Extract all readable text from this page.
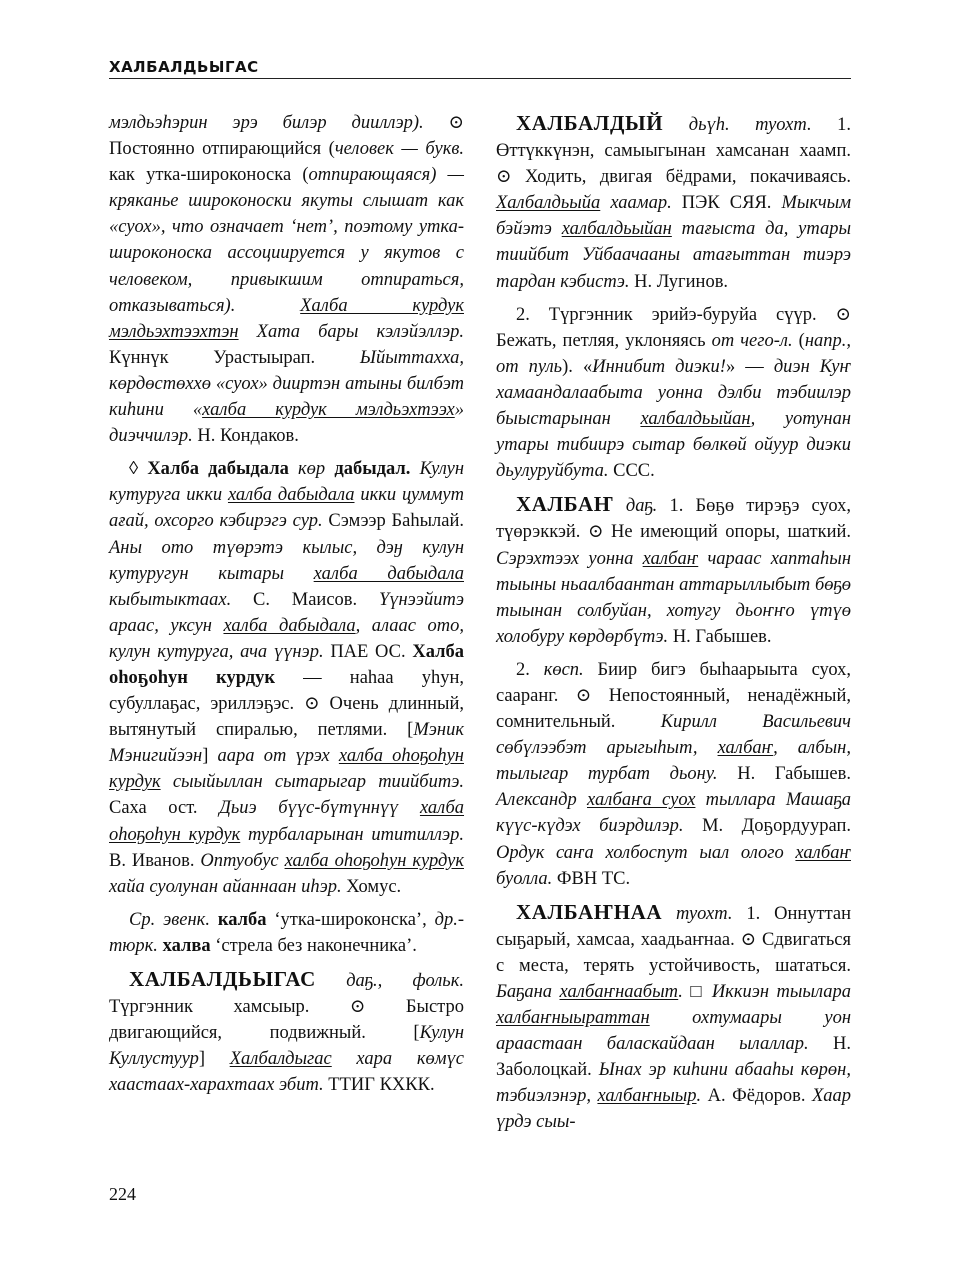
ХАЛБАЛДЬЫГАС

мэлдьэһэрин эрэ билэр дииллэр). ⊙ Постоянно отпирающийся (человек — букв. как утка-широконоска (отпирающаяся) — кряканье широконоски якуты слышат как «суох», что означает ‘нет’, поэтому утка-широконоска ассоциируется у якутов с человеком, привыкшим отпираться, отказываться).	Халба курдук мэлдьэхтээхтэн Хата бары кэлэйэллэр. Күннүк Урастыырап. Ыйыттахха, көрдөстөххө «суох» дииртэн атыны билбэт киһини «халба курдук мэлдьэхтээх» диэччилэр. Н. Кондаков.

◊ Халба дабыдала көр дабыдал. Кулун кутуруга икки халба дабыдала икки цуммут ағай, охсорго кэбирэгэ сур. Сэмээр Баһылай. Аны ото түөрэтэ кылыс, дэӈ кулун кутуругун кытары халба дабыдала кыбытыктаах. С. Маисов. Үүнээйитэ араас, уксун халба дабыдала, алаас ото, кулун кутуруга, ача үүнэр. ПАЕ ОС. Халба оһоҕоһун курдук — наһаа уһун, субуллаҕас, эриллэҕэс. ⊙ Очень длинный, вытянутый спиралью, петлями. [Мэник Мэнигийээн] аара от үрэх халба оһоҕоһун курдук сыыйыллан сытарыгар тиийбитэ. Саха ост. Дьиэ бүүс-бүтүннүү халба оһоҕоһун курдук турбаларынан ититиллэр. В. Иванов. Оптуобус халба оһоҕоһун курдук хайа суолунан айаннаан иһэр. Хомус.

Ср. эвенк. калба ‘утка-широконска’, др.-тюрк. халва ‘стрела без наконечника’.

ХАЛБАЛДЬЫГАС даҕ., фольк. Түргэнник хамсыыр. ⊙ Быстро двигающийся, подвижный. [Кулун Куллустуур] Халбалдыгас хара көмүс хаастаах-харахтаах эбит. ТТИГ КХКК.

ХАЛБАЛДЫЙ дьүһ. туохт. 1. Өттүккүнэн, самыыгынан хамсанан хаамп. ⊙ Ходить, двигая бёдрами, покачиваясь. Халбалдьыйа хаамар. ПЭК СЯЯ. Мыкчым бэйэтэ халбалдьыйан тағыста да, утары тиийбит Уйбаачааны атағыттан тиэрэ тардан кэбистэ. Н. Лугинов.

2. Түргэнник эрийэ-буруйа сүүр. ⊙ Бежать, петляя, уклоняясь от чего-л. (напр., от пуль). «Иннибит диэки!» — диэн Куҥ хамаандалаабыта уонна дэлби тэбиилэр быыстарынан халбалдьыйан, уотунан утары тибиирэ сытар бөлкөй ойуур диэки дьулуруйбута. ССС.

ХАЛБАҤ даҕ. 1. Бөҕө тирэҕэ суох, түөрэккэй. ⊙ Не имеющий опоры, шаткий. Сэрэхтээх уонна халбаҥ чараас хаптаһын тыыны ньаалбаантан аттарыллыбыт бөҕө тыынан солбуйан, хотугу дьоҥҥо үтүө холобуру көрдөрбүтэ. Н. Габышев.

2. көсп. Биир бигэ быһаарыыта суох, сааранг. ⊙ Непостоянный, ненадёжный, сомнительный. Кирилл Васильевич сөбүлээбэт арыгыһыт, халбаҥ, албын, тылыгар турбат дьону. Н. Габышев. Александр халбаҥа суох тыллара Машаҕа күүс-күдэх биэрдилэр. М. Доҕордуурап. Ордук саҥа холбоспут ыал олого халбаҥ буолла. ФВН ТС.

ХАЛБАҤНАА туохт. 1. Оннуттан сыҕарый, хамсаа, хаадьаҥнаа. ⊙ Сдвигаться с места, терять устойчивость, шататься. Баҕана халбаҥнаабыт. □ Иккиэн тыылара халбаҥныыраттан охтумаары уон араастаан баласкайдаан ылаллар. Н. Заболоцкай. Ынах эр киһини абааһы көрөн, тэбиэлэнэр, халбаҥныыр. А. Фёдоров. Хаар үрдэ сыы-

224
